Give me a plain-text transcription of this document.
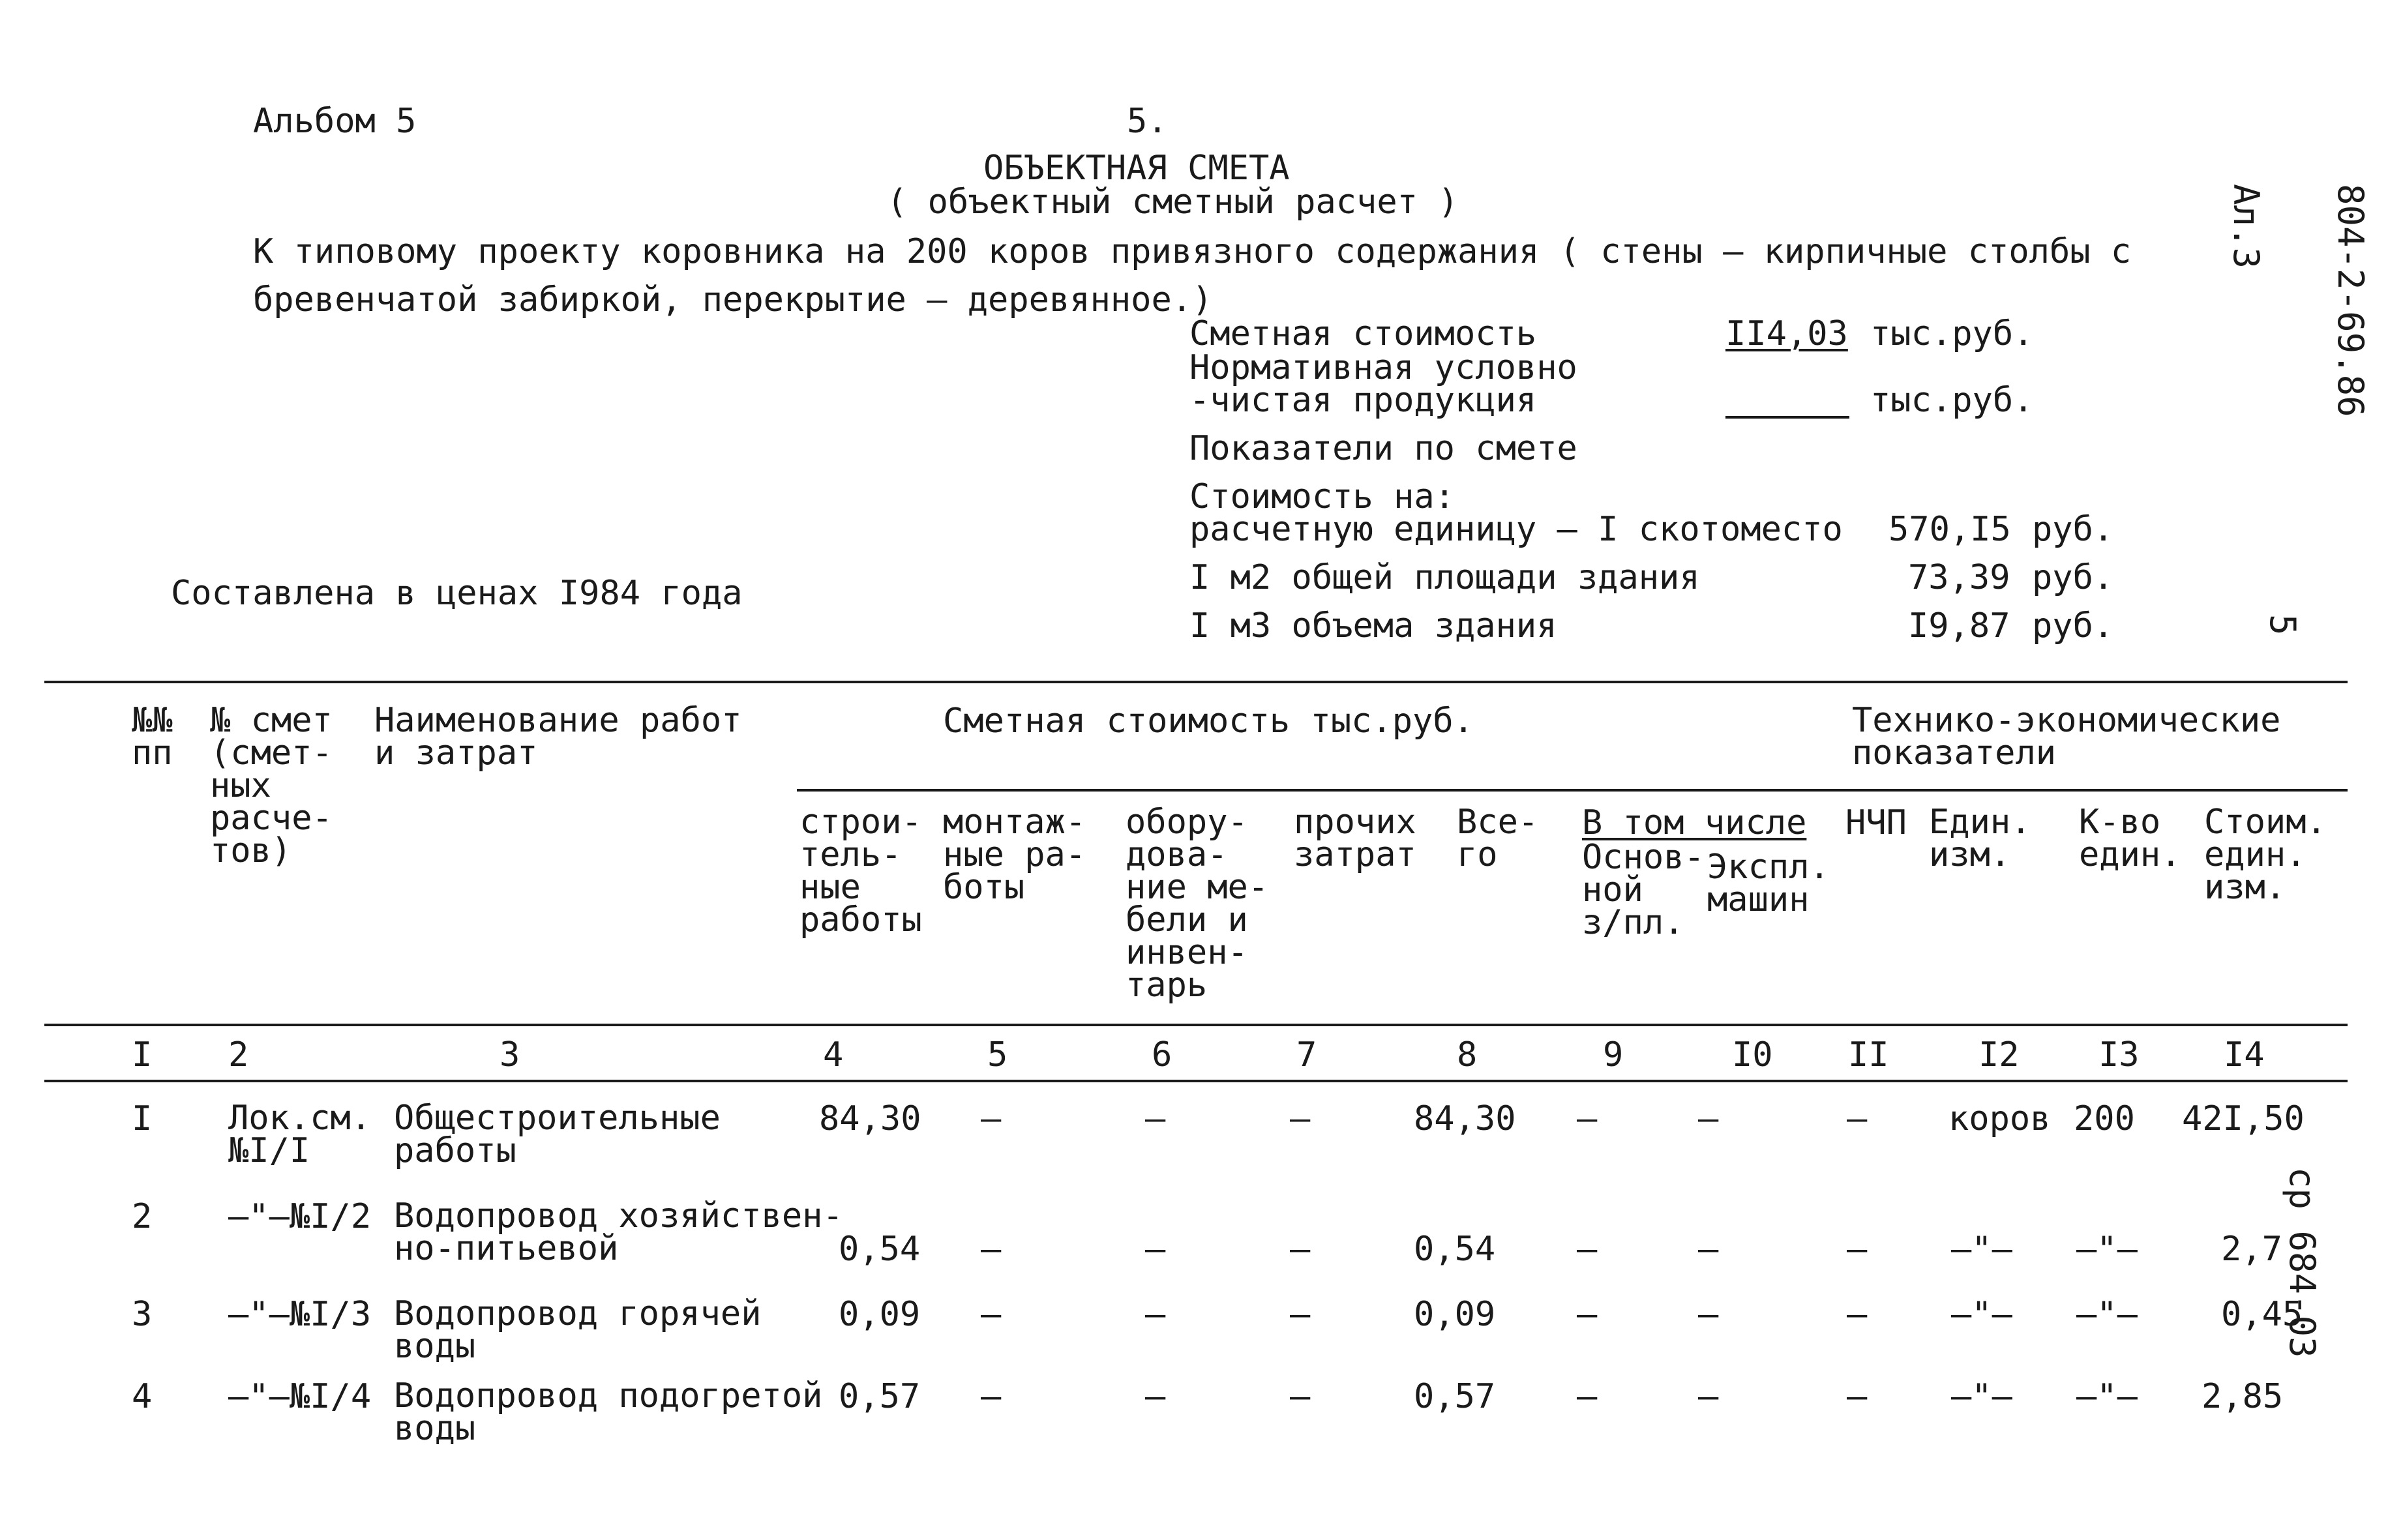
Альбом 5	5.
ОБЪЕКТНАЯ СМЕТА
( объектный сметный расчет )
К типовому проекту коровника на 200 коров привязного содержания ( стены – кирпичные столбы с
бревенчатой забиркой, перекрытие – деревянное.)
Сметная стоимость	II4,03 тыс.руб.
Нормативная условно
-чистая продукция	тыс.руб.
Показатели по смете
Стоимость на:
расчетную единицу – I скотоместо 570,I5 руб.
I м2 общей площади здания	73,39 руб.
I м3 объема здания	I9,87 руб.
Составлена в ценах I984 года
804-2-69.86
Ал.3
5
ср 684-03
№№
пп
№ смет
(смет-
ных
расче-
тов)
Наименование работ
и затрат
Сметная стоимость тыс.руб.	Технико-экономические
показатели
строи-
тель-
ные
работы
монтаж-
ные ра-
боты
обору-
дова-
ние ме-
бели и
инвен-
тарь
прочих
затрат
Все-
го
В том числе
Основ-
ной
з/пл.
Экспл.
машин
НЧП Един.
изм.
К-во
един.
Стоим.
един.
изм.
I 2	3	4	5	6	7	8	9	I0 II	I2 I3 I4
I Лок.см.
№I/I
Общестроительные
работы
84,30 –	–	–	84,30 –	–	– коров 200 42I,50
2 –"–№I/2 Водопровод хозяйствен-
но-питьевой	0,54 –	–	–	0,54 –	–	– –"– –"– 2,7
3 –"–№I/3 Водопровод горячей
воды
0,09 –	–	–	0,09 –	–	– –"– –"– 0,45
4 –"–№I/4 Водопровод подогретой
воды
0,57 –	–	–	0,57 –	–	– –"– –"– 2,85
